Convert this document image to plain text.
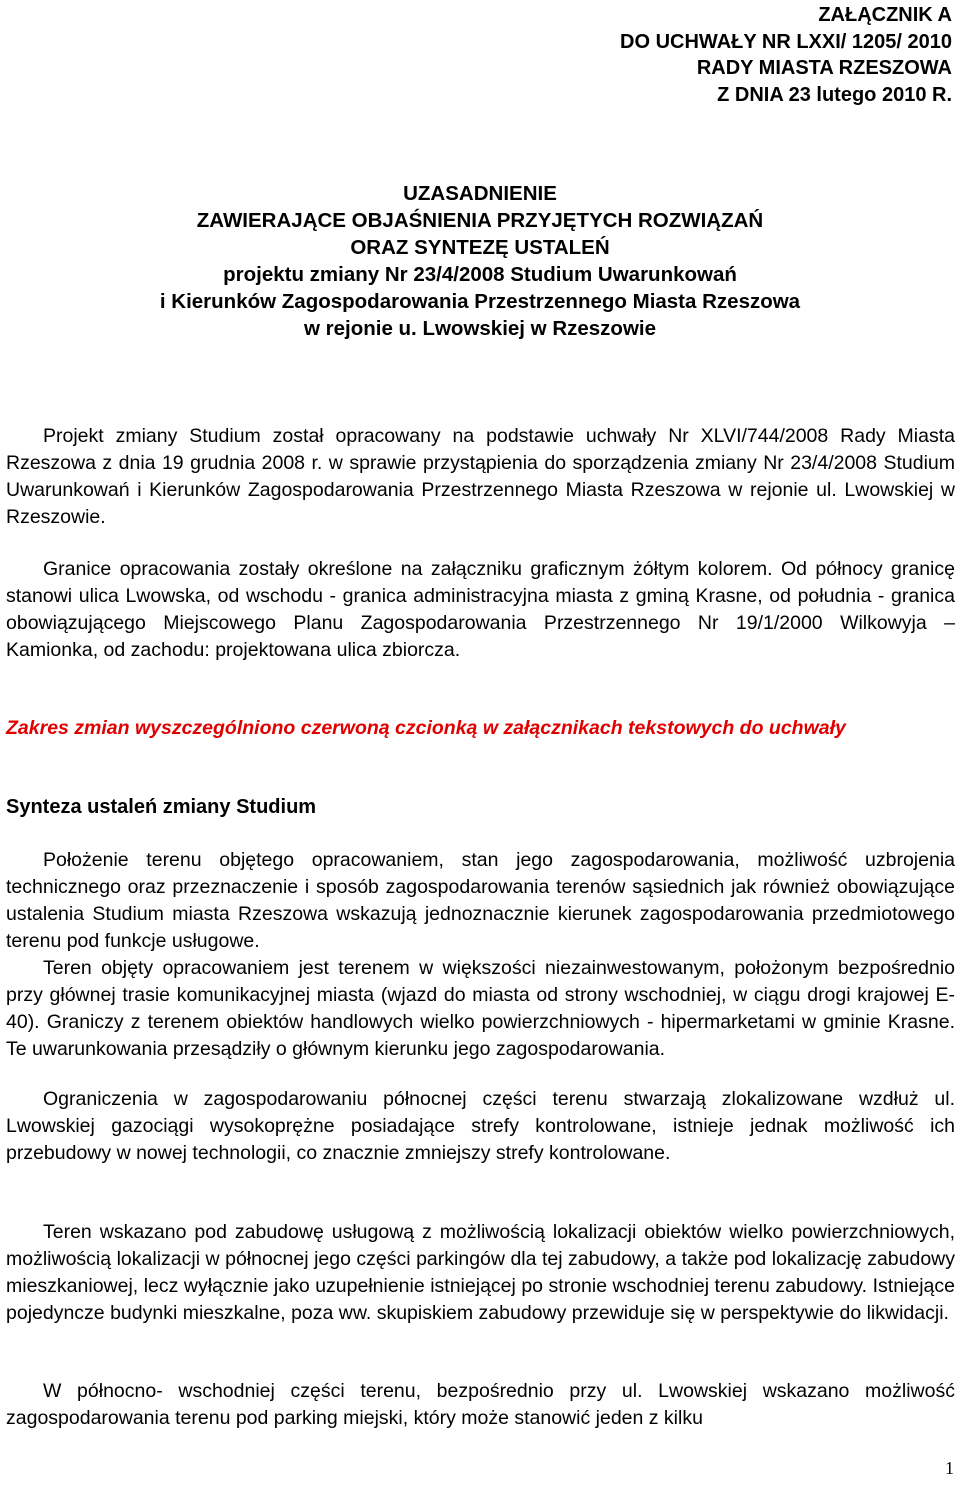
ZAŁĄCZNIK A
DO UCHWAŁY NR LXXI/ 1205/ 2010
RADY MIASTA RZESZOWA
Z DNIA 23 lutego 2010 R.
UZASADNIENIE
ZAWIERAJĄCE OBJAŚNIENIA PRZYJĘTYCH ROZWIĄZAŃ
ORAZ SYNTEZĘ USTALEŃ
projektu zmiany Nr 23/4/2008 Studium Uwarunkowań
i Kierunków Zagospodarowania Przestrzennego Miasta Rzeszowa
w rejonie u. Lwowskiej w Rzeszowie

Projekt zmiany Studium został opracowany na podstawie uchwały Nr XLVI/744/2008 Rady Miasta Rzeszowa z dnia 19 grudnia 2008 r. w sprawie przystąpienia do sporządzenia zmiany Nr 23/4/2008 Studium Uwarunkowań i Kierunków Zagospodarowania Przestrzennego Miasta Rzeszowa w rejonie ul. Lwowskiej w Rzeszowie.

Granice opracowania zostały określone na załączniku graficznym żółtym kolorem. Od północy granicę stanowi ulica Lwowska, od wschodu - granica administracyjna miasta z gminą Krasne, od południa - granica obowiązującego Miejscowego Planu Zagospodarowania Przestrzennego Nr 19/1/2000 Wilkowyja – Kamionka, od zachodu: projektowana ulica zbiorcza.

Zakres zmian wyszczególniono czerwoną czcionką w załącznikach tekstowych do uchwały

Synteza ustaleń zmiany Studium

Położenie terenu objętego opracowaniem, stan jego zagospodarowania, możliwość uzbrojenia technicznego oraz przeznaczenie i sposób zagospodarowania terenów sąsiednich jak również obowiązujące ustalenia Studium miasta Rzeszowa wskazują jednoznacznie kierunek zagospodarowania przedmiotowego terenu pod funkcje usługowe.

Teren objęty opracowaniem jest terenem w większości niezainwestowanym, położonym bezpośrednio przy głównej trasie komunikacyjnej miasta (wjazd do miasta od strony wschodniej, w ciągu drogi krajowej E-40). Graniczy z terenem obiektów handlowych wielko powierzchniowych - hipermarketami w gminie Krasne. Te uwarunkowania przesądziły o głównym kierunku jego zagospodarowania.

Ograniczenia w zagospodarowaniu północnej części terenu stwarzają zlokalizowane wzdłuż ul. Lwowskiej gazociągi wysokoprężne posiadające strefy kontrolowane, istnieje jednak możliwość ich przebudowy w nowej technologii, co znacznie zmniejszy strefy kontrolowane.

Teren wskazano pod zabudowę usługową z możliwością lokalizacji obiektów wielko powierzchniowych, możliwością lokalizacji w północnej jego części parkingów dla tej zabudowy, a także pod lokalizację zabudowy mieszkaniowej, lecz wyłącznie jako uzupełnienie istniejącej po stronie wschodniej terenu zabudowy. Istniejące pojedyncze budynki mieszkalne, poza ww. skupiskiem zabudowy przewiduje się w perspektywie do likwidacji.

W północno- wschodniej części terenu, bezpośrednio przy ul. Lwowskiej wskazano możliwość zagospodarowania terenu pod parking miejski, który może stanowić jeden z kilku

1
